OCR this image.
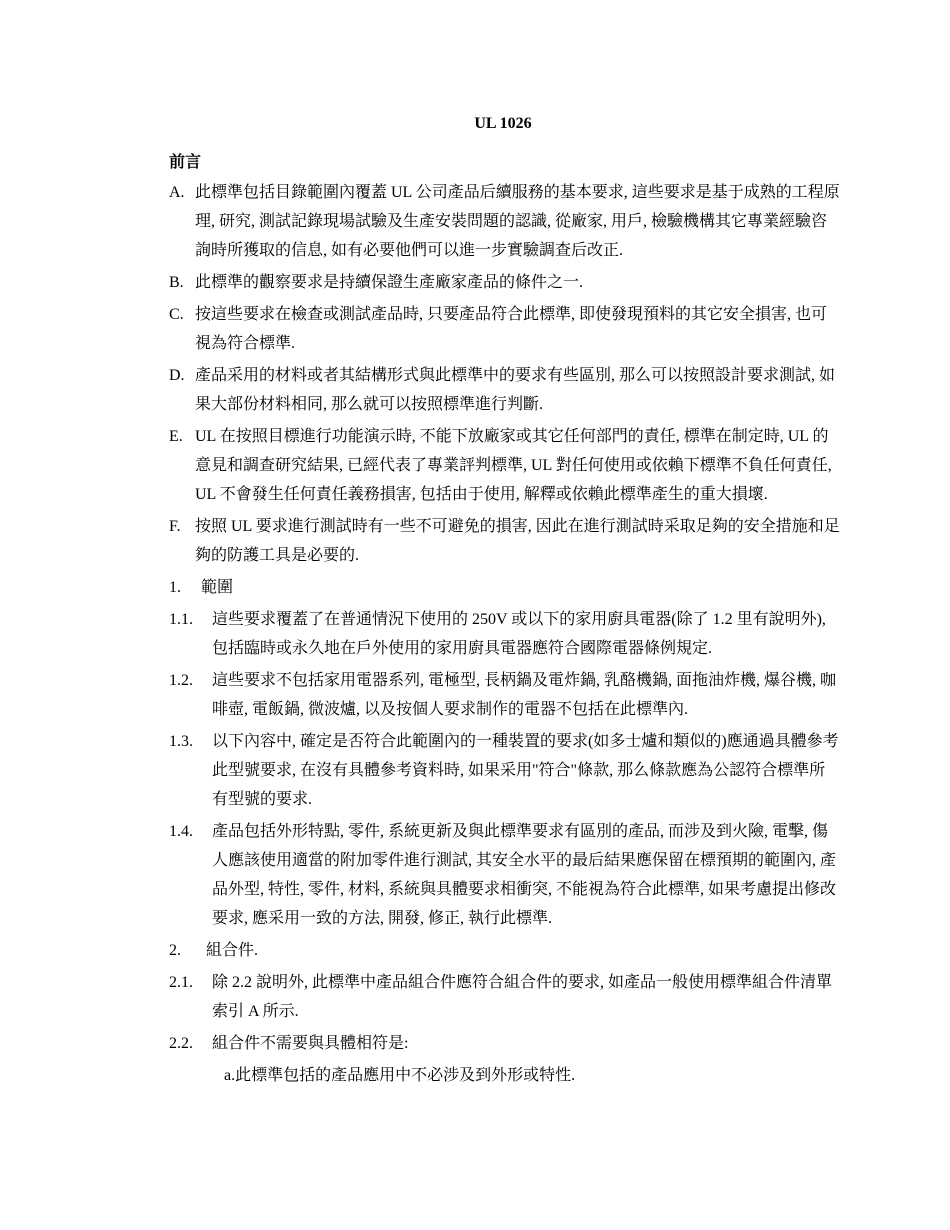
UL 1026
前言
A. 此標準包括目錄範圍內覆蓋 UL 公司產品后續服務的基本要求, 這些要求是基于成熟的工程原理, 研究, 測試記錄現場試驗及生產安裝問題的認識, 從廠家, 用戶, 檢驗機構其它專業經驗咨詢時所獲取的信息, 如有必要他們可以進一步實驗調查后改正.
B. 此標準的觀察要求是持續保證生產廠家產品的條件之一.
C. 按這些要求在檢查或測試產品時, 只要產品符合此標準, 即使發現預料的其它安全損害, 也可視為符合標準.
D. 產品采用的材料或者其結構形式與此標準中的要求有些區別, 那么可以按照設計要求測試, 如果大部份材料相同, 那么就可以按照標準進行判斷.
E. UL 在按照目標進行功能演示時, 不能下放廠家或其它任何部門的責任, 標準在制定時, UL 的意見和調查研究結果, 已經代表了專業評判標準, UL 對任何使用或依賴下標準不負任何責任, UL 不會發生任何責任義務損害, 包括由于使用, 解釋或依賴此標準產生的重大損壞.
F. 按照 UL 要求進行測試時有一些不可避免的損害, 因此在進行測試時采取足夠的安全措施和足夠的防護工具是必要的.
1.	範圍
1.1.	這些要求覆蓋了在普通情況下使用的 250V 或以下的家用廚具電器(除了 1.2 里有說明外),包括臨時或永久地在戶外使用的家用廚具電器應符合國際電器條例規定.
1.2.	這些要求不包括家用電器系列, 電極型, 長柄鍋及電炸鍋, 乳酪機鍋, 面拖油炸機, 爆谷機, 咖啡壺, 電飯鍋, 微波爐, 以及按個人要求制作的電器不包括在此標準內.
1.3.	以下內容中, 確定是否符合此範圍內的一種裝置的要求(如多士爐和類似的)應通過具體參考此型號要求, 在沒有具體參考資料時, 如果采用"符合"條款, 那么條款應為公認符合標準所有型號的要求.
1.4.	產品包括外形特點, 零件, 系統更新及與此標準要求有區別的產品, 而涉及到火險, 電擊, 傷人應該使用適當的附加零件進行測試, 其安全水平的最后結果應保留在標預期的範圍內, 產品外型, 特性, 零件, 材料, 系統與具體要求相衝突, 不能視為符合此標準, 如果考慮提出修改要求, 應采用一致的方法, 開發, 修正, 執行此標準.
2.	組合件.
2.1.	除 2.2 說明外, 此標準中產品組合件應符合組合件的要求, 如產品一般使用標準組合件清單索引 A 所示.
2.2.	組合件不需要與具體相符是:
a.此標準包括的產品應用中不必涉及到外形或特性.
